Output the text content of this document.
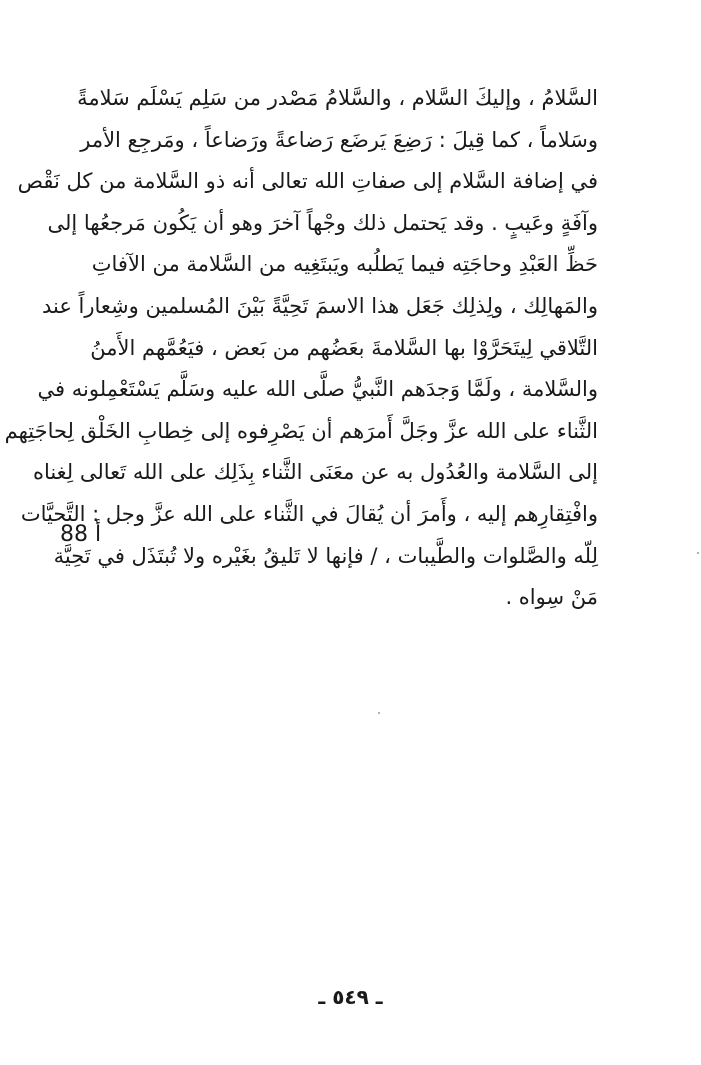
السَّلامُ ، وإليكَ السَّلام ، والسَّلامُ مَصْدر من سَلِم يَسْلَم سَلامةً
وسَلاماً ، كما قِيلَ : رَضِعَ يَرضَع رَضاعةً ورَضاعاً ، ومَرجِع الأمر
في إضافة السَّلام إلى صفاتِ الله تعالى أنه ذو السَّلامة من كل نَقْص
وآفَةٍ وعَيبٍ . وقد يَحتمل ذلك وجْهاً آخرَ وهو أن يَكُون مَرجعُها إلى
حَظِّ العَبْدِ وحاجَتِه فيما يَطلُبه ويَبتَغِيه من السَّلامة من الآفاتِ
والمَهالِك ، ولِذلِك جَعَل هذا الاسمَ تَحِيَّةً بَيْنَ المُسلمين وشِعاراً عند
التَّلاقي لِيتَحَرَّوْا بها السَّلامةَ بعَضُهم من بَعض ، فيَعُمَّهم الأَمنُ
والسَّلامة ، ولَمَّا وَجدَهم النَّبيُّ صلَّى الله عليه وسَلَّم يَسْتَعْمِلونه في
الثَّناء على الله عزَّ وجَلَّ أَمرَهم أن يَصْرِفوه إلى خِطابِ الخَلْق لِحاجَتِهم
إلى السَّلامة والعُدُول به عن معَنَى الثَّناء بِذَلِك على الله تَعالى لِغناه
وافْتِقارِهم إليه ، وأَمرَ أن يُقالَ في الثَّناء على الله عزَّ وجل : التَّحيَّات
لِلّه والصَّلوات والطَّيبات ، / فإنها لا تَليقُ بغَيْره ولا تُبتَذَل في تَحِيَّة
مَنْ سِواه .
88 أ
ـ ٥٤٩ ـ
